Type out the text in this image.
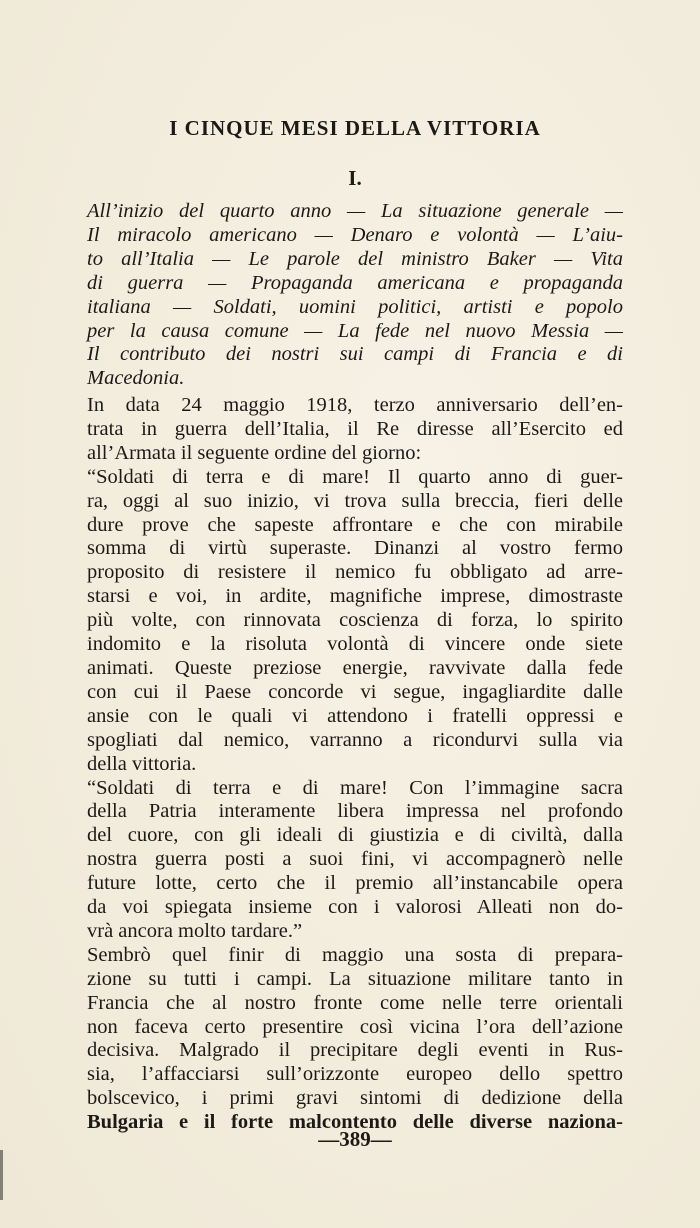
I CINQUE MESI DELLA VITTORIA
I.
All’inizio del quarto anno — La situazione generale —
Il miracolo americano — Denaro e volontà — L’aiu-
to all’Italia — Le parole del ministro Baker — Vita
di guerra — Propaganda americana e propaganda
italiana — Soldati, uomini politici, artisti e popolo
per la causa comune — La fede nel nuovo Messia —
Il contributo dei nostri sui campi di Francia e di
Macedonia.
In data 24 maggio 1918, terzo anniversario dell’en-
trata in guerra dell’Italia, il Re diresse all’Esercito ed
all’Armata il seguente ordine del giorno:
“Soldati di terra e di mare! Il quarto anno di guer-
ra, oggi al suo inizio, vi trova sulla breccia, fieri delle
dure prove che sapeste affrontare e che con mirabile
somma di virtù superaste. Dinanzi al vostro fermo
proposito di resistere il nemico fu obbligato ad arre-
starsi e voi, in ardite, magnifiche imprese, dimostraste
più volte, con rinnovata coscienza di forza, lo spirito
indomito e la risoluta volontà di vincere onde siete
animati. Queste preziose energie, ravvivate dalla fede
con cui il Paese concorde vi segue, ingagliardite dalle
ansie con le quali vi attendono i fratelli oppressi e
spogliati dal nemico, varranno a ricondurvi sulla via
della vittoria.
“Soldati di terra e di mare! Con l’immagine sacra
della Patria interamente libera impressa nel profondo
del cuore, con gli ideali di giustizia e di civiltà, dalla
nostra guerra posti a suoi fini, vi accompagnerò nelle
future lotte, certo che il premio all’instancabile opera
da voi spiegata insieme con i valorosi Alleati non do-
vrà ancora molto tardare.”
Sembrò quel finir di maggio una sosta di prepara-
zione su tutti i campi. La situazione militare tanto in
Francia che al nostro fronte come nelle terre orientali
non faceva certo presentire così vicina l’ora dell’azione
decisiva. Malgrado il precipitare degli eventi in Rus-
sia, l’affacciarsi sull’orizzonte europeo dello spettro
bolscevico, i primi gravi sintomi di dedizione della
Bulgaria e il forte malcontento delle diverse naziona-
—389—
